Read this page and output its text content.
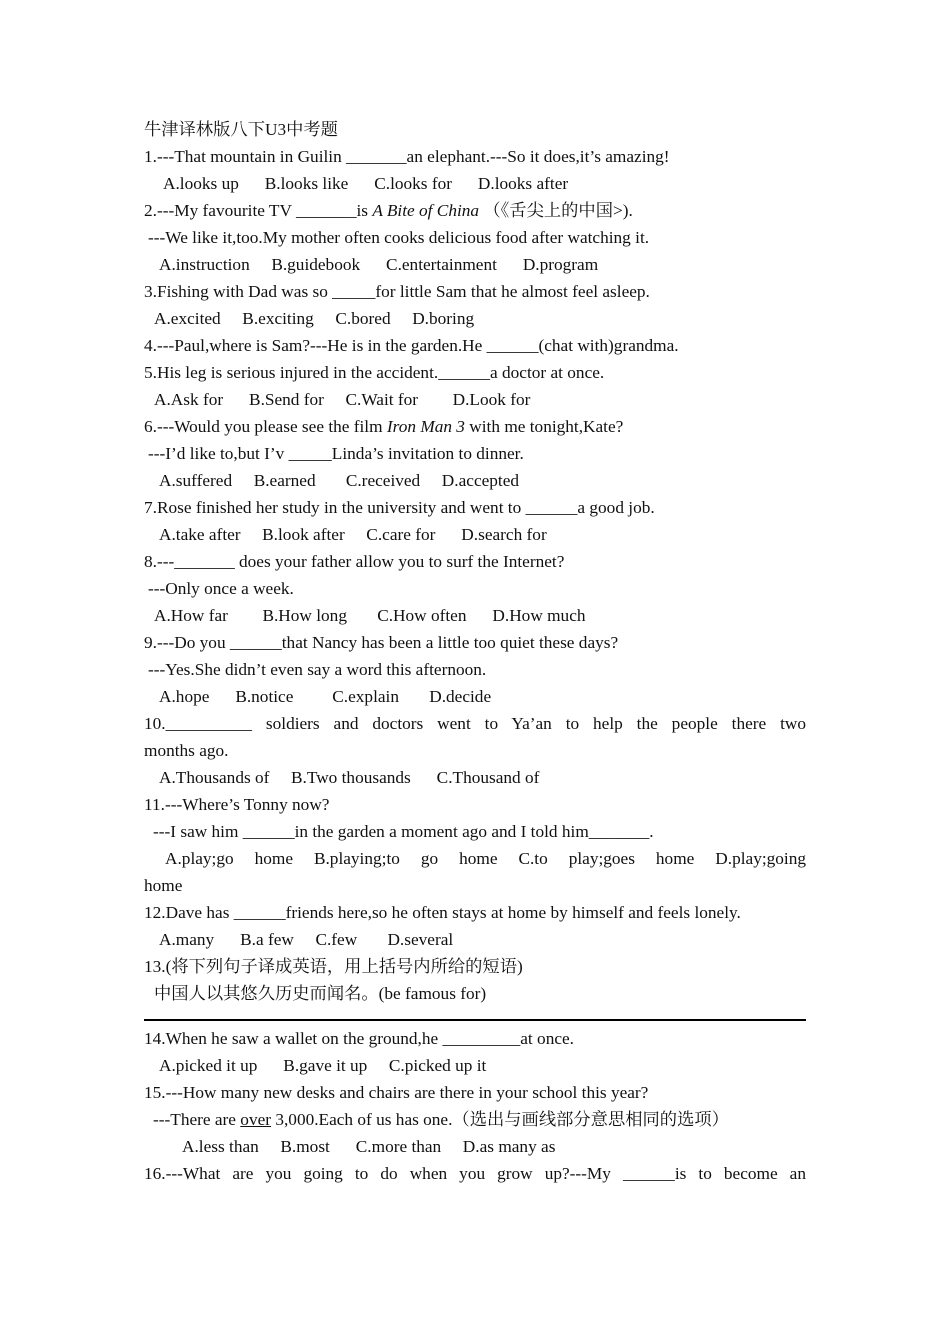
牛津译林版八下U3中考题
1.---That mountain in Guilin _______an elephant.---So it does,it’s amazing!
A.looks up      B.looks like      C.looks for      D.looks after
2.---My favourite TV _______is A Bite of China （《舌尖上的中国>).
---We like it,too.My mother often cooks delicious food after watching it.
A.instruction     B.guidebook      C.entertainment      D.program
3.Fishing with Dad was so _____for little Sam that he almost feel asleep.
A.excited     B.exciting     C.bored     D.boring
4.---Paul,where is Sam?---He is in the garden.He ______(chat with)grandma.
5.His leg is serious injured in the accident.______a doctor at once.
A.Ask for      B.Send for     C.Wait for        D.Look for
6.---Would you please see the film Iron Man 3 with me tonight,Kate?
---I’d like to,but I’v _____Linda’s invitation to dinner.
A.suffered     B.earned       C.received     D.accepted
7.Rose finished her study in the university and went to ______a good job.
A.take after     B.look after     C.care for      D.search for
8.---_______ does your father allow you to surf the Internet?
---Only once a week.
A.How far        B.How long       C.How often      D.How much
9.---Do you ______that Nancy has been a little too quiet these days?
---Yes.She didn’t even say a word this afternoon.
A.hope      B.notice         C.explain       D.decide
10.__________ soldiers and doctors went to Ya’an to help the people there two
months ago.
A.Thousands of     B.Two thousands      C.Thousand of
11.---Where’s Tonny now?
---I saw him ______in the garden a moment ago and I told him_______.
A.play;go home B.playing;to go home C.to play;goes home D.play;going
home
12.Dave has ______friends here,so he often stays at home by himself and feels lonely.
A.many      B.a few     C.few       D.several
13.(将下列句子译成英语，用上括号内所给的短语)
中国人以其悠久历史而闻名。(be famous for)
14.When he saw a wallet on the ground,he _________at once.
A.picked it up      B.gave it up     C.picked up it
15.---How many new desks and chairs are there in your school this year?
---There are over 3,000.Each of us has one.（选出与画线部分意思相同的选项）
A.less than     B.most      C.more than     D.as many as
16.---What are you going to do when you grow up?---My ______is to become an
